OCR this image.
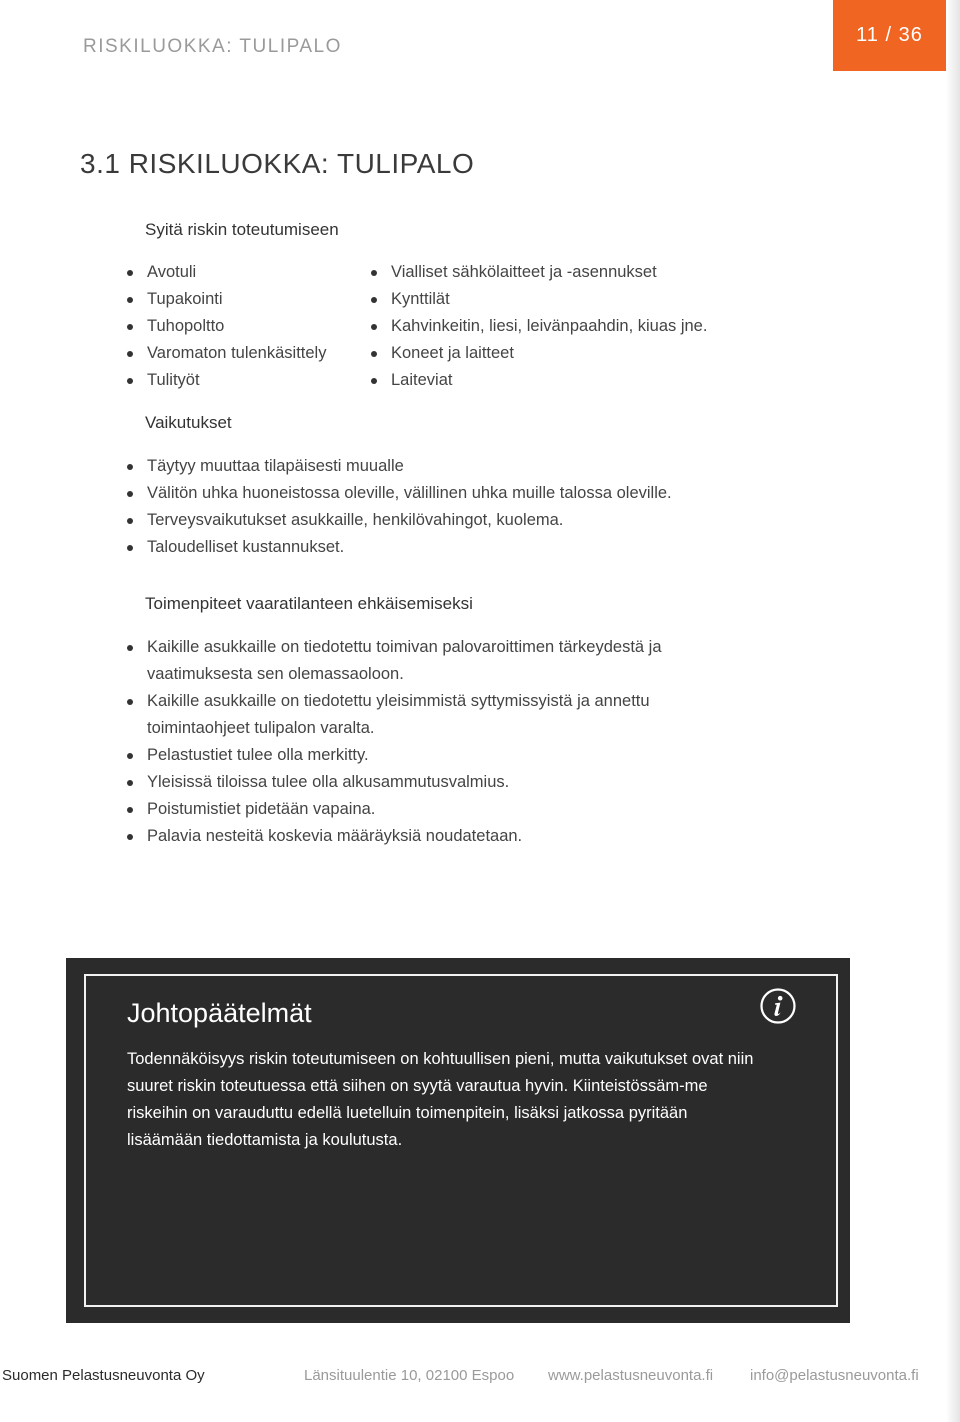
RISKILUOKKA: TULIPALO
11 / 36
3.1 RISKILUOKKA: TULIPALO
Syitä riskin toteutumiseen
Avotuli
Tupakointi
Tuhopoltto
Varomaton tulenkäsittely
Tulityöt
Vialliset sähkölaitteet ja -asennukset
Kynttilät
Kahvinkeitin, liesi, leivänpaahdin, kiuas jne.
Koneet ja laitteet
Laiteviat
Vaikutukset
Täytyy muuttaa tilapäisesti muualle
Välitön uhka huoneistossa oleville, välillinen uhka muille talossa oleville.
Terveysvaikutukset asukkaille, henkilövahingot, kuolema.
Taloudelliset kustannukset.
Toimenpiteet vaaratilanteen ehkäisemiseksi
Kaikille asukkaille on tiedotettu toimivan palovaroittimen tärkeydestä ja vaatimuksesta sen olemassaoloon.
Kaikille asukkaille on tiedotettu yleisimmistä syttymissyistä ja annettu toimintaohjeet tulipalon varalta.
Pelastustiet tulee olla merkitty.
Yleisissä tiloissa tulee olla alkusammutusvalmius.
Poistumistiet pidetään vapaina.
Palavia nesteitä koskevia määräyksiä noudatetaan.
Johtopäätelmät
Todennäköisyys riskin toteutumiseen on kohtuullisen pieni, mutta vaikutukset ovat niin suuret riskin toteutuessa että siihen on syytä varautua hyvin. Kiinteistössäm-me riskeihin on varauduttu edellä luetelluin toimenpitein, lisäksi jatkossa pyritään lisäämään tiedottamista ja koulutusta.
Suomen Pelastusneuvonta Oy	Länsituulentie 10, 02100 Espoo www.pelastusneuvonta.fi info@pelastusneuvonta.fi
